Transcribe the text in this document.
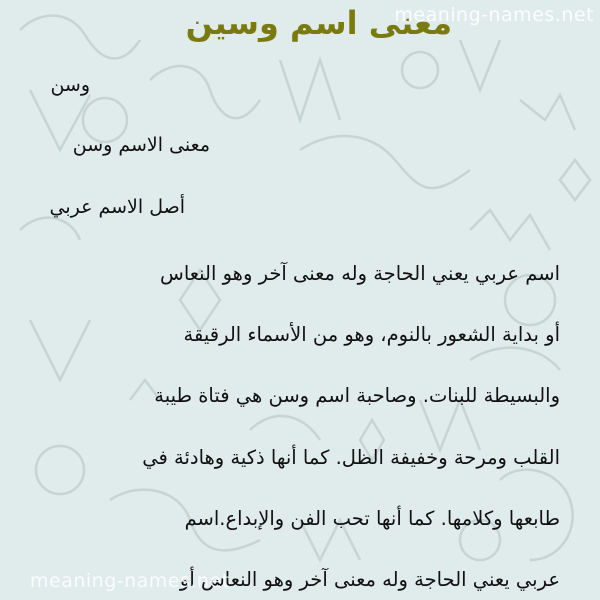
معنى اسم وسين
meaning-names.net
وسن
معنى الاسم وسن
أصل الاسم عربي
اسم عربي يعني الحاجة وله معنى آخر وهو النعاس
أو بداية الشعور بالنوم، وهو من الأسماء الرقيقة
والبسيطة للبنات. وصاحبة اسم وسن هي فتاة طيبة
القلب ومرحة وخفيفة الظل. كما أنها ذكية وهادئة في
طابعها وكلامها. كما أنها تحب الفن والإبداع.اسم
عربي يعني الحاجة وله معنى آخر وهو النعاس أو
meaning-names.net
